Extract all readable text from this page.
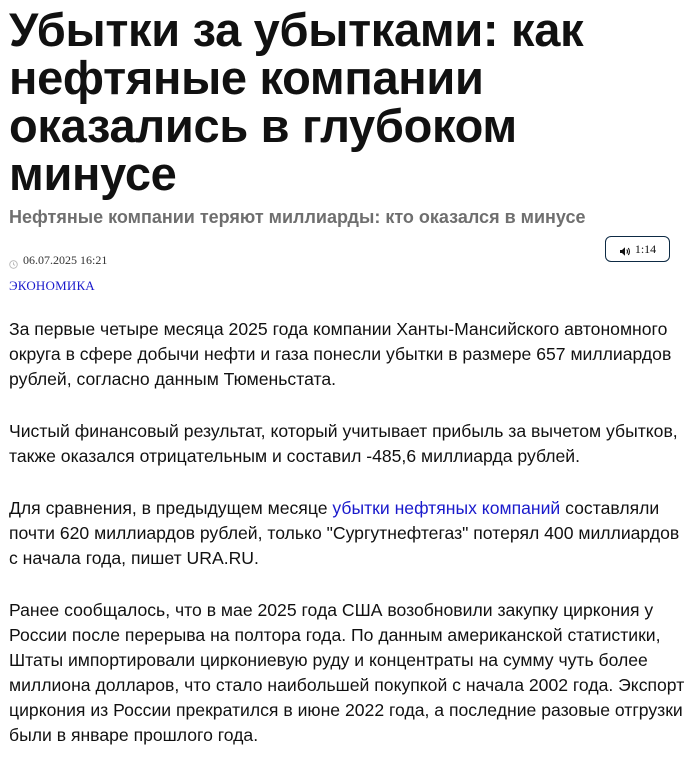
Убытки за убытками: как нефтяные компании оказались в глубоком минусе
Нефтяные компании теряют миллиарды: кто оказался в минусе
06.07.2025 16:21
1:14
ЭКОНОМИКА

За первые четыре месяца 2025 года компании Ханты-Мансийского автономного округа в сфере добычи нефти и газа понесли убытки в размере 657 миллиардов рублей, согласно данным Тюменьстата.

Чистый финансовый результат, который учитывает прибыль за вычетом убытков, также оказался отрицательным и составил -485,6 миллиарда рублей.

Для сравнения, в предыдущем месяце убытки нефтяных компаний составляли почти 620 миллиардов рублей, только "Сургутнефтегаз" потерял 400 миллиардов с начала года, пишет URA.RU.

Ранее сообщалось, что в мае 2025 года США возобновили закупку циркония у России после перерыва на полтора года. По данным американской статистики, Штаты импортировали циркониевую руду и концентраты на сумму чуть более миллиона долларов, что стало наибольшей покупкой с начала 2002 года. Экспорт циркония из России прекратился в июне 2022 года, а последние разовые отгрузки были в январе прошлого года.
